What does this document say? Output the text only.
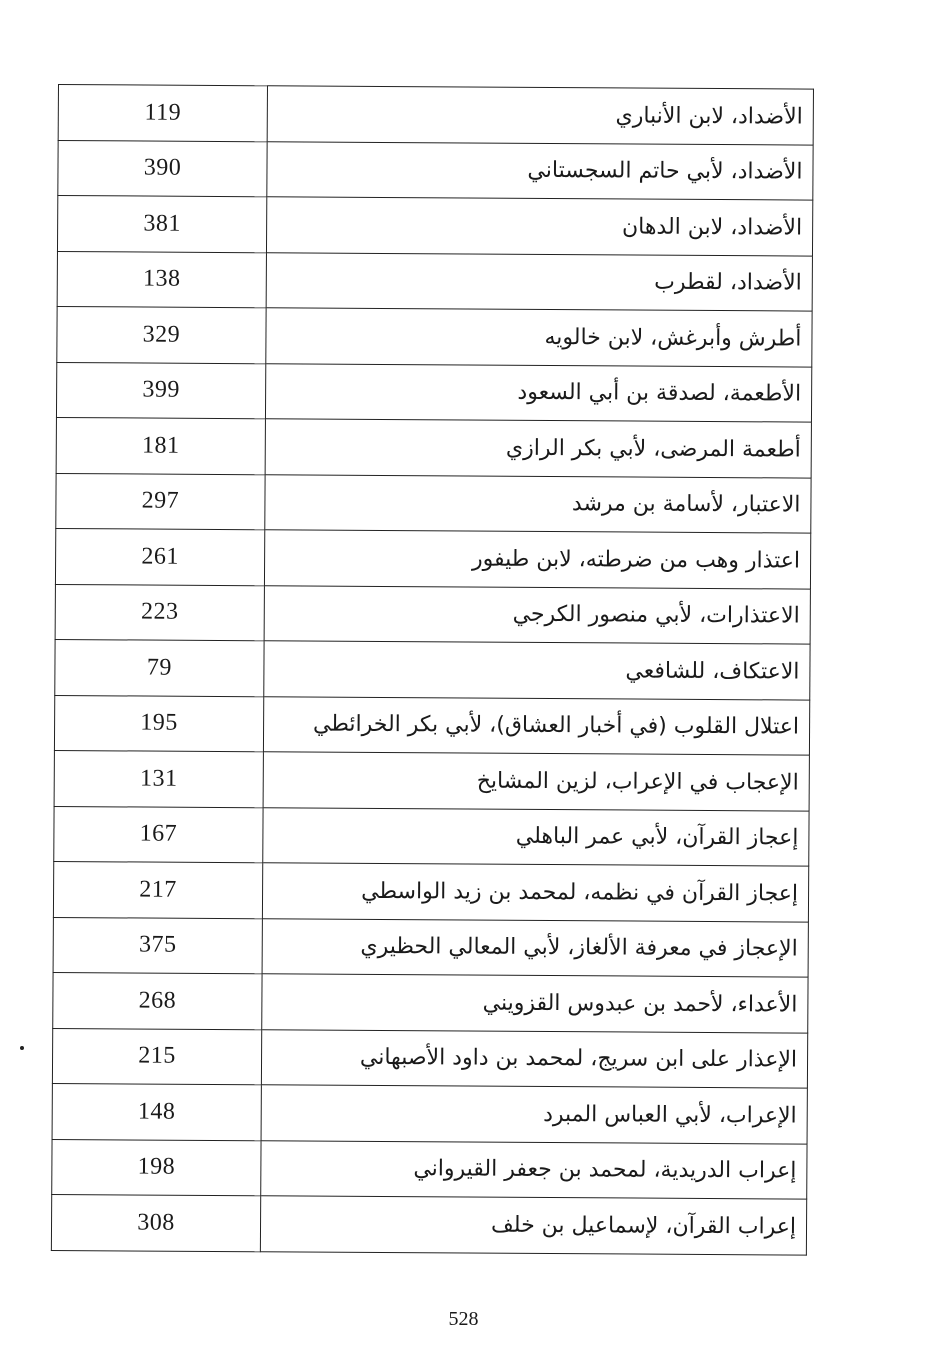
119	الأضداد، لابن الأنباري
390	الأضداد، لأبي حاتم السجستاني
381	الأضداد، لابن الدهان
138	الأضداد، لقطرب
329	أطرش وأبرغش، لابن خالويه
399	الأطعمة، لصدقة بن أبي السعود
181	أطعمة المرضى، لأبي بكر الرازي
297	الاعتبار، لأسامة بن مرشد
261	اعتذار وهب من ضرطته، لابن طيفور
223	الاعتذارات، لأبي منصور الكرجي
79	الاعتكاف، للشافعي
195	اعتلال القلوب (في أخبار العشاق)، لأبي بكر الخرائطي
131	الإعجاب في الإعراب، لزين المشايخ
167	إعجاز القرآن، لأبي عمر الباهلي
217	إعجاز القرآن في نظمه، لمحمد بن زيد الواسطي
375	الإعجاز في معرفة الألغاز، لأبي المعالي الحظيري
268	الأعداء، لأحمد بن عبدوس القزويني
215	الإعذار على ابن سريج، لمحمد بن داود الأصبهاني
148	الإعراب، لأبي العباس المبرد
198	إعراب الدريدية، لمحمد بن جعفر القيرواني
308	إعراب القرآن، لإسماعيل بن خلف
528
